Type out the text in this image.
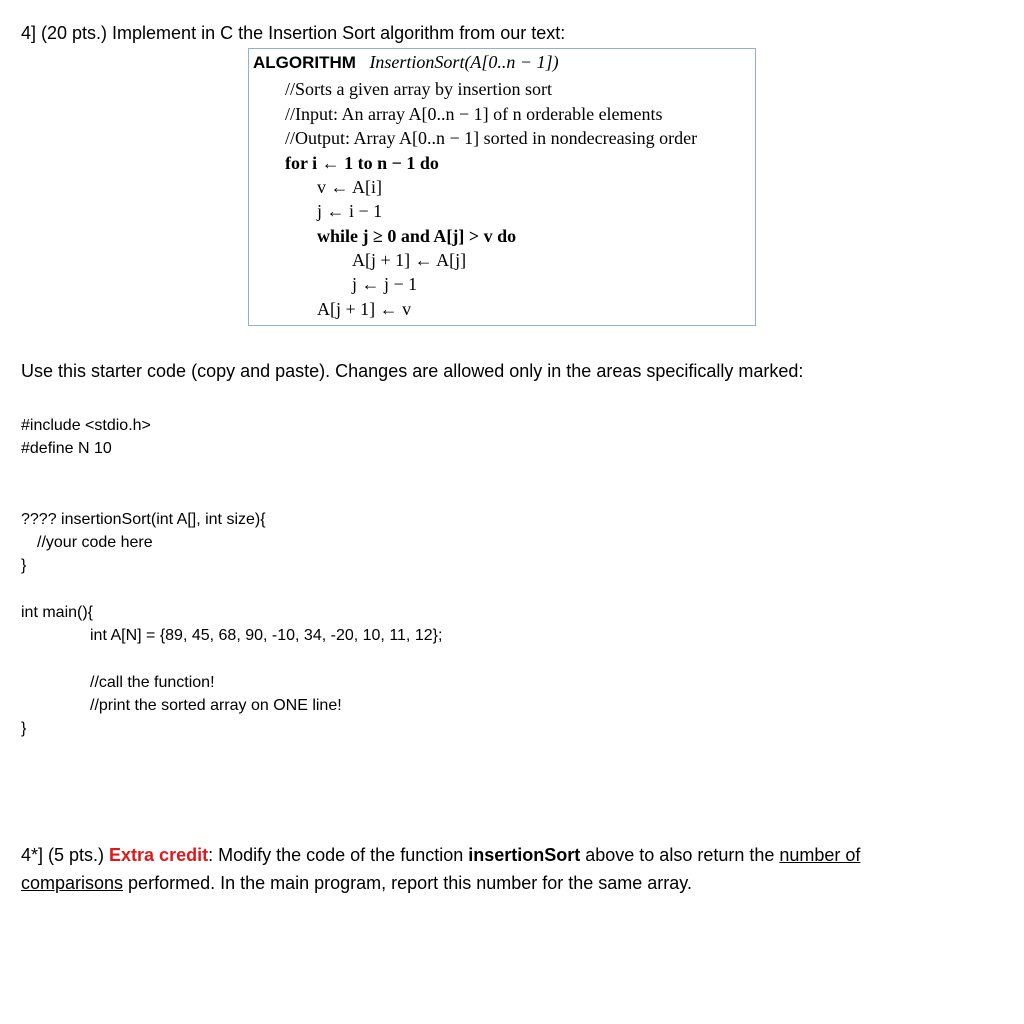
4] (20 pts.) Implement in C the Insertion Sort algorithm from our text:
ALGORITHM InsertionSort(A[0..n − 1])
//Sorts a given array by insertion sort
//Input: An array A[0..n − 1] of n orderable elements
//Output: Array A[0..n − 1] sorted in nondecreasing order
for i ← 1 to n − 1 do
v ← A[i]
j ← i − 1
while j ≥ 0 and A[j] > v do
A[j + 1] ← A[j]
j ← j − 1
A[j + 1] ← v
Use this starter code (copy and paste). Changes are allowed only in the areas specifically marked:
#include <stdio.h>
#define N 10
???? insertionSort(int A[], int size){
//your code here
}
int main(){
int A[N] = {89, 45, 68, 90, -10, 34, -20, 10, 11, 12};
//call the function!
//print the sorted array on ONE line!
}
4*] (5 pts.) Extra credit: Modify the code of the function insertionSort above to also return the number of
comparisons performed. In the main program, report this number for the same array.
